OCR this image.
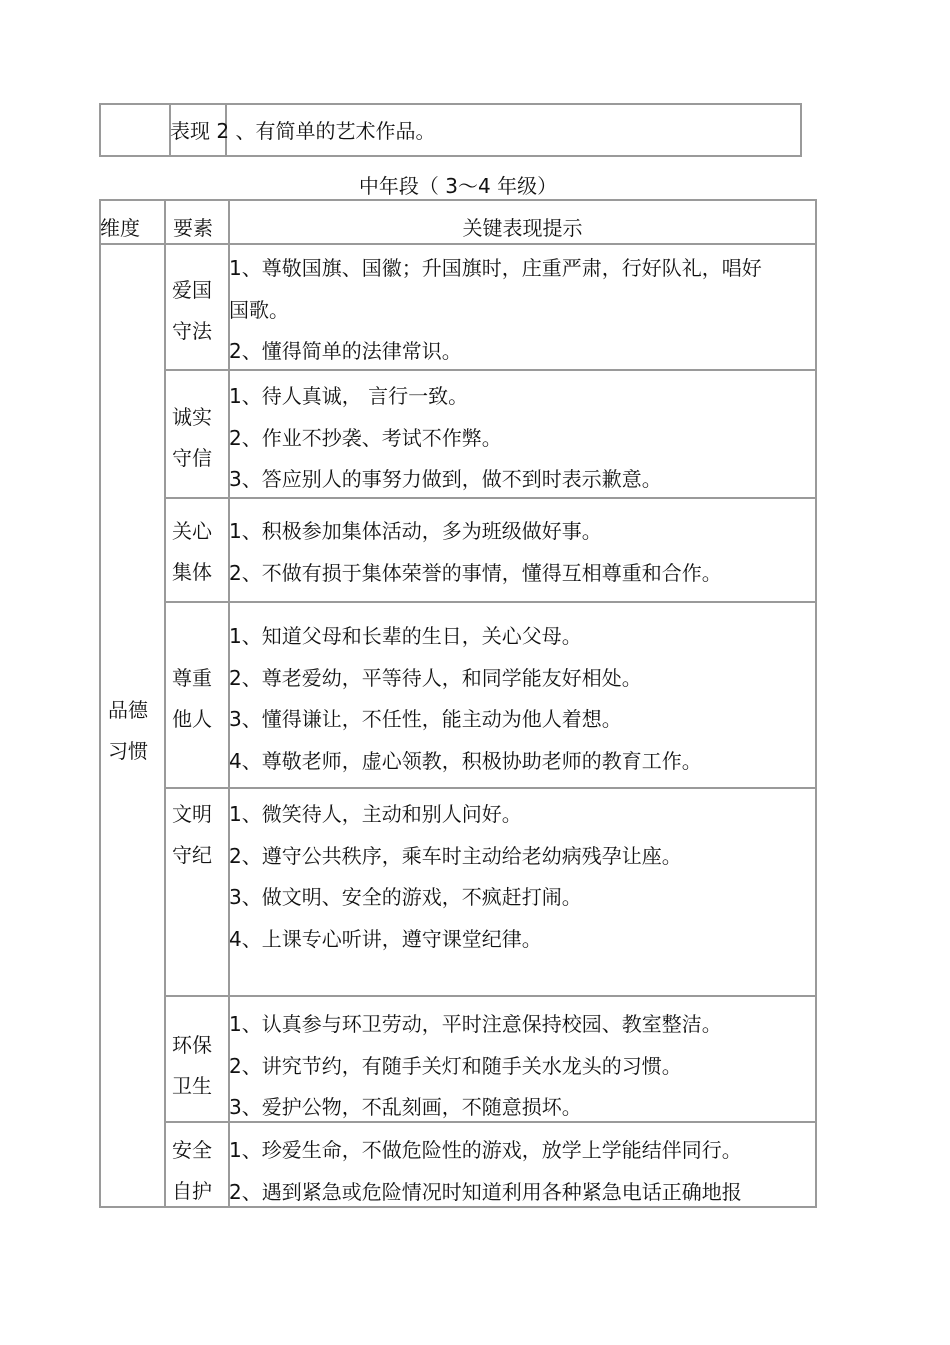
表现 2 、有简单的艺术作品。
中年段（ 3～4 年级）
维度 要素	关键表现提示
品德习惯
爱国
守法
1、尊敬国旗、国徽；升国旗时，庄重严肃，行好队礼，唱好
国歌。
2、懂得简单的法律常识。
诚实
守信
1、待人真诚， 言行一致。
2、作业不抄袭、考试不作弊。
3、答应别人的事努力做到，做不到时表示歉意。
关心
集体
1、积极参加集体活动，多为班级做好事。
2、不做有损于集体荣誉的事情，懂得互相尊重和合作。
尊重
他人
1、知道父母和长辈的生日，关心父母。
2、尊老爱幼，平等待人，和同学能友好相处。
3、懂得谦让，不任性，能主动为他人着想。
4、尊敬老师，虚心领教，积极协助老师的教育工作。
文明
守纪
1、微笑待人，主动和别人问好。
2、遵守公共秩序，乘车时主动给老幼病残孕让座。
3、做文明、安全的游戏，不疯赶打闹。
4、上课专心听讲，遵守课堂纪律。
环保
卫生
1、认真参与环卫劳动，平时注意保持校园、教室整洁。
2、讲究节约，有随手关灯和随手关水龙头的习惯。
3、爱护公物，不乱刻画，不随意损坏。
安全
自护
1、珍爱生命，不做危险性的游戏，放学上学能结伴同行。
2、遇到紧急或危险情况时知道利用各种紧急电话正确地报
